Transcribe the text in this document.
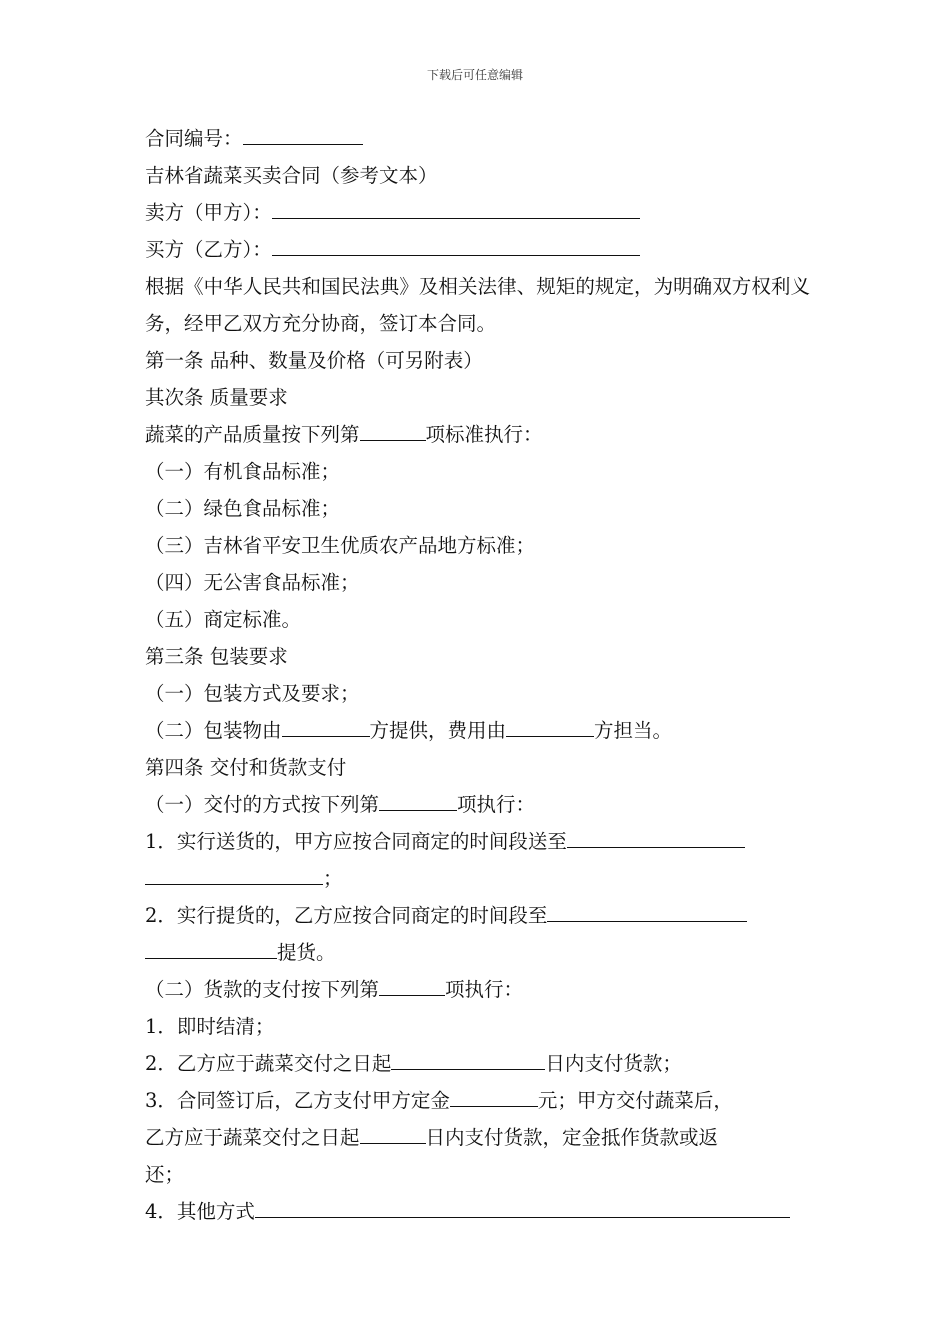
下载后可任意编辑
合同编号：
吉林省蔬菜买卖合同（参考文本）
卖方（甲方）：
买方（乙方）：
根据《中华人民共和国民法典》及相关法律、规矩的规定，为明确双方权利义务，经甲乙双方充分协商，签订本合同。
第一条 品种、数量及价格（可另附表）
其次条 质量要求
蔬菜的产品质量按下列第	项标准执行：
（一）有机食品标准；
（二）绿色食品标准；
（三）吉林省平安卫生优质农产品地方标准；
（四）无公害食品标准；
（五）商定标准。
第三条 包装要求
（一）包装方式及要求；
（二）包装物由	方提供，费用由	方担当。
第四条 交付和货款支付
（一）交付的方式按下列第	项执行：
1．实行送货的，甲方应按合同商定的时间段送至
；
2．实行提货的，乙方应按合同商定的时间段至
提货。
（二）货款的支付按下列第	项执行：
1．即时结清；
2．乙方应于蔬菜交付之日起	日内支付货款；
3．合同签订后，乙方支付甲方定金	元；甲方交付蔬菜后，
乙方应于蔬菜交付之日起	日内支付货款，定金抵作货款或返
还；
4．其他方式
